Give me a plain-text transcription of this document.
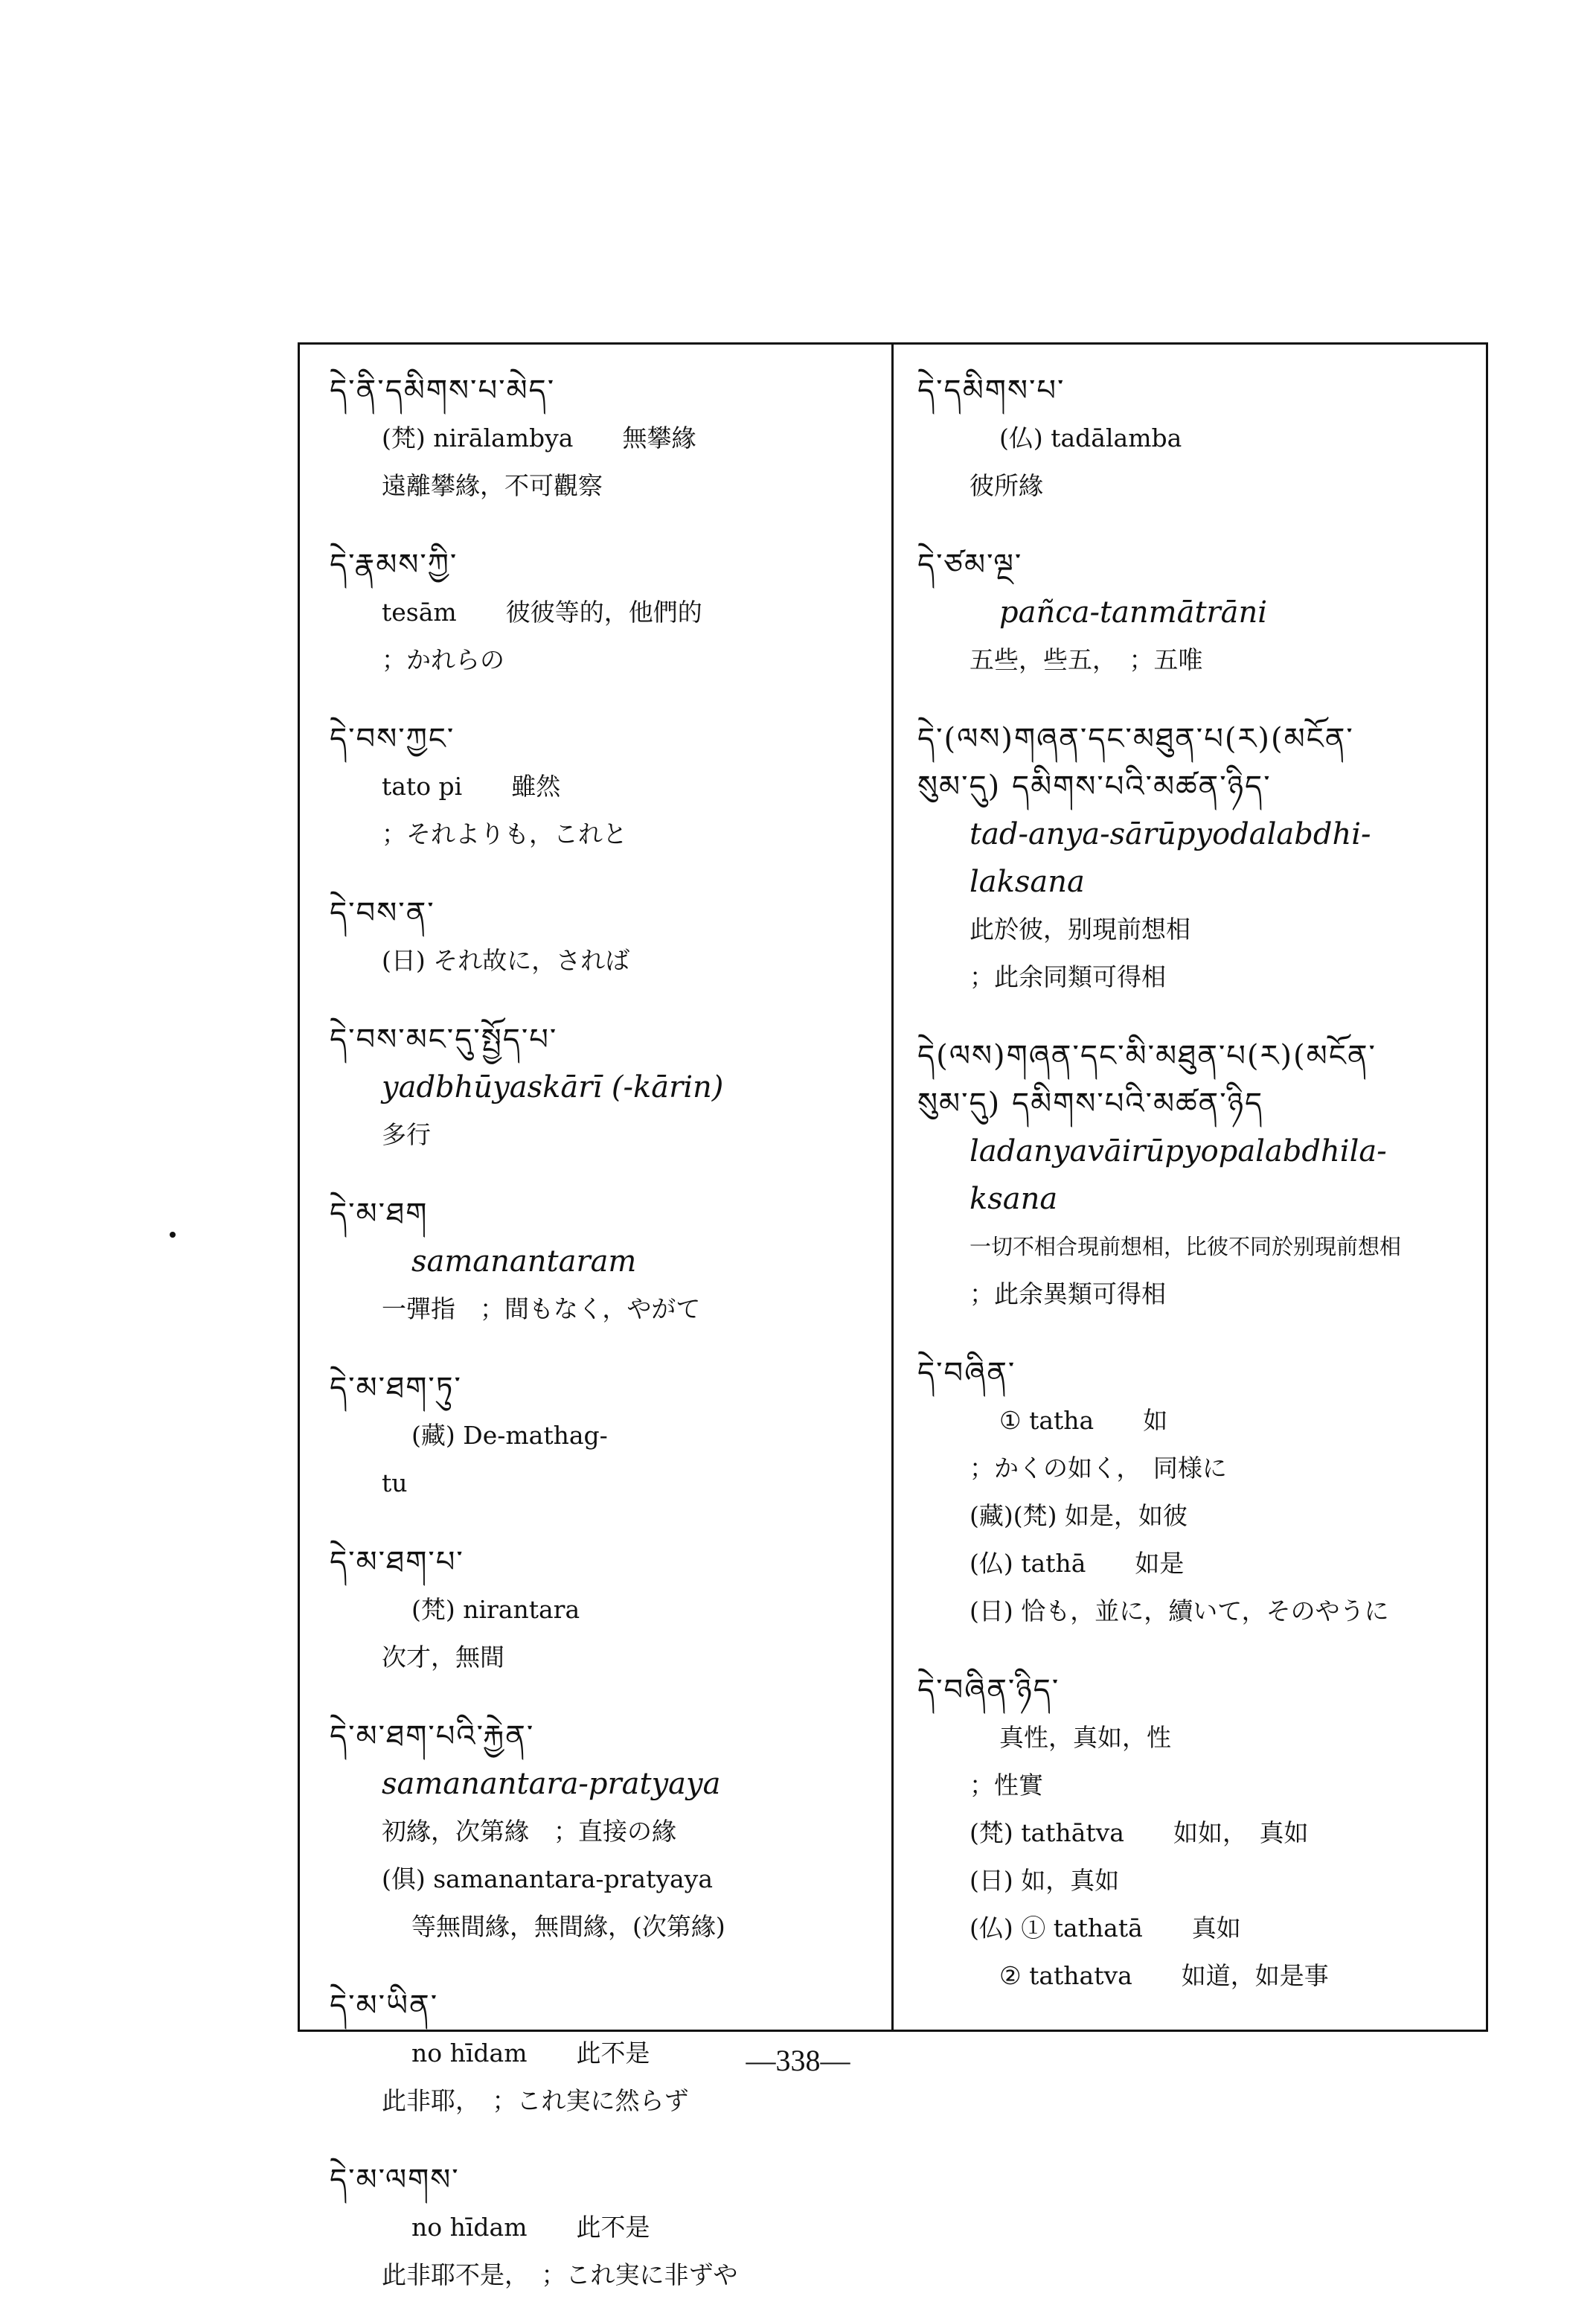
དེ་ནི་དམིགས་པ་མེད་
(梵) nirālambya　　無攀緣
遠離攀緣，不可觀察
དེ་རྣམས་ཀྱི་
tesām　　彼彼等的，他們的
；かれらの
དེ་བས་ཀྱང་
tato pi　　雖然
；それよりも，これと
དེ་བས་ན་
(日) それ故に，されば
དེ་བས་མང་དུ་སྤྱོད་པ་
yadbhūyaskārī (-kārin)
多行
དེ་མ་ཐག
samanantaram
一彈指　；間もなく，やがて
དེ་མ་ཐག་ཏུ་
(藏) De-mathag-
tu
དེ་མ་ཐག་པ་
(梵) nirantara
次才，無間
དེ་མ་ཐག་པའི་རྐྱེན་
samanantara-pratyaya
初緣，次第緣　；直接の緣
(俱) samanantara-pratyaya
等無間緣，無間緣，(次第緣)
དེ་མ་ཡིན་
no hīdam　　此不是
此非耶，　；これ実に然らず
དེ་མ་ལགས་
no hīdam　　此不是
此非耶不是，　；これ実に非ずや
དེ་དམིགས་པ་
(仏) tadālamba
彼所緣
དེ་ཙམ་ལྔ་
pañca-tanmātrāni
五些，些五，　；五唯
དེ་(ལས)གཞན་དང་མཐུན་པ(ར)(མངོན་
སུམ་དུ) དམིགས་པའི་མཚན་ཉིད་
tad-anya-sārūpyodalabdhi-
laksana
此於彼，别現前想相
；此余同類可得相
དེ(ལས)གཞན་དང་མི་མཐུན་པ(ར)(མངོན་
སུམ་དུ) དམིགས་པའི་མཚན་ཉིད
ladanyavāirūpyopalabdhila-
ksana
一切不相合現前想相，比彼不同於别現前想相
；此余異類可得相
དེ་བཞིན་
① tatha　　如
；かくの如く，　同様に
(藏)(梵) 如是，如彼
(仏) tathā　　如是
(日) 恰も，並に，續いて，そのやうに
དེ་བཞིན་ཉིད་
真性，真如，性
；性實
(梵) tathātva　　如如，　真如
(日) 如，真如
(仏) ① tathatā　　真如
② tathatva　　如道，如是事
—338—
